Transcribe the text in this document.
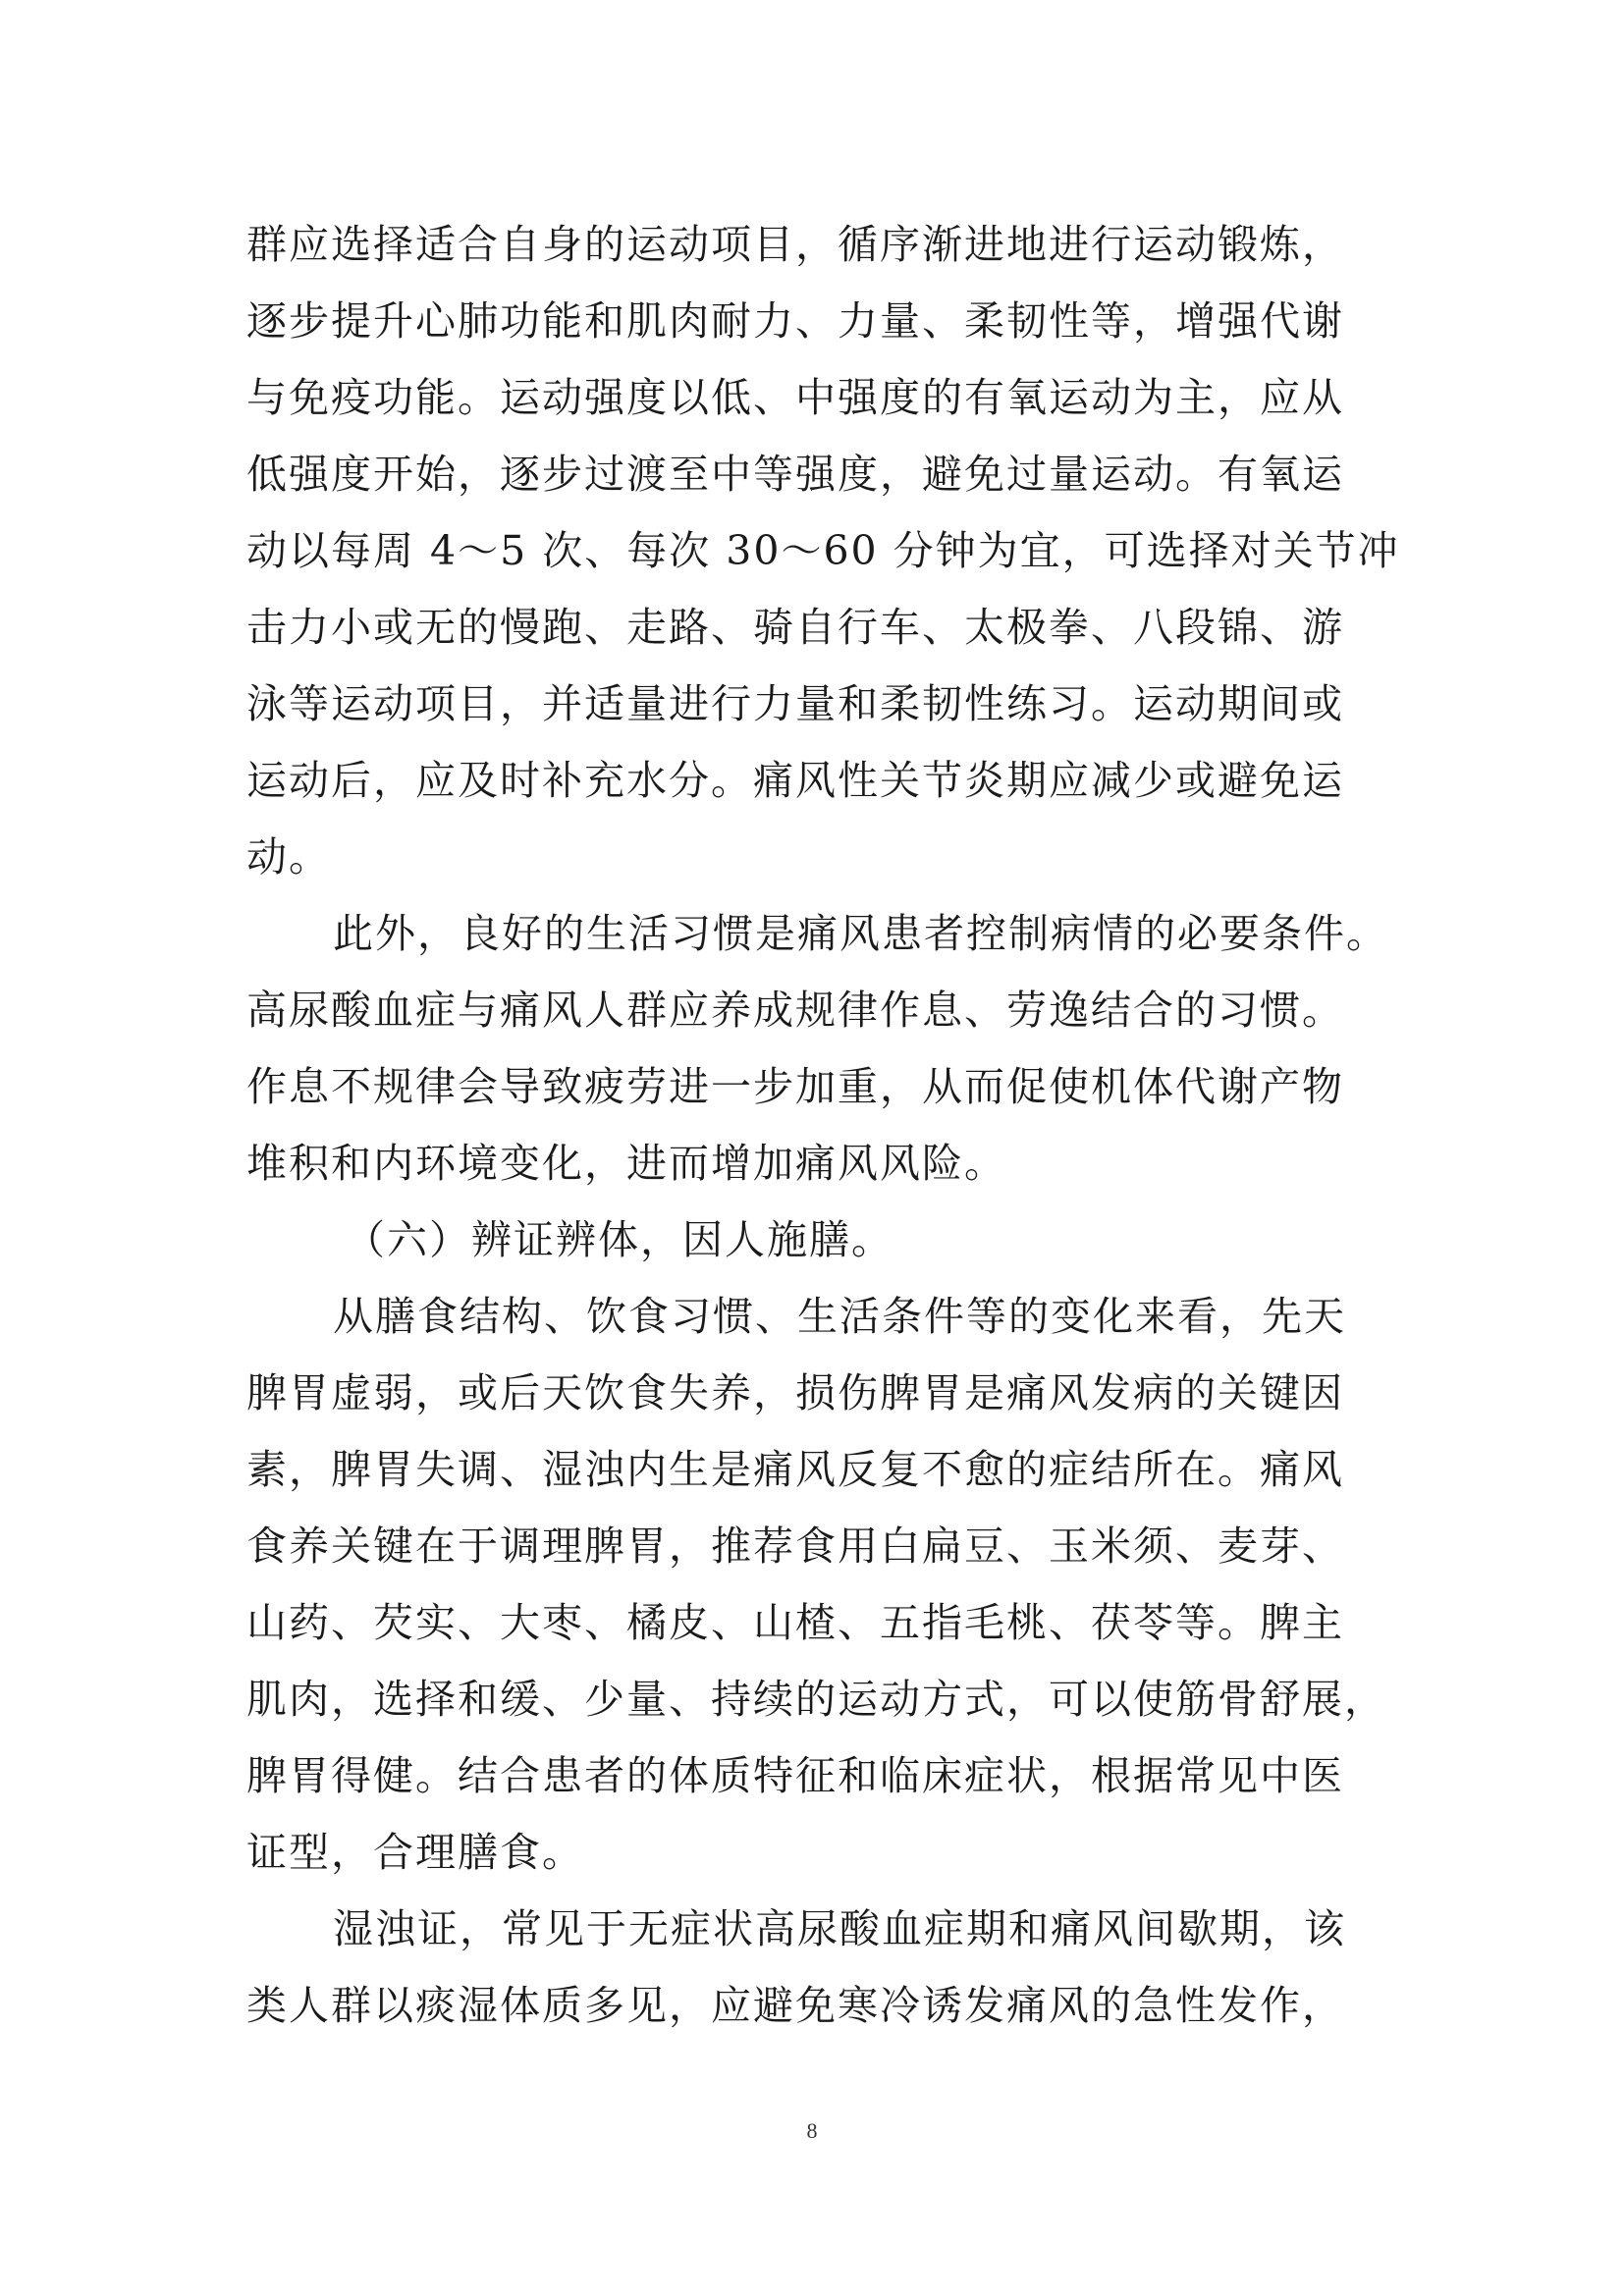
群应选择适合自身的运动项目，循序渐进地进行运动锻炼，
逐步提升心肺功能和肌肉耐力、力量、柔韧性等，增强代谢
与免疫功能。运动强度以低、中强度的有氧运动为主，应从
低强度开始，逐步过渡至中等强度，避免过量运动。有氧运
动以每周 4～5 次、每次 30～60 分钟为宜，可选择对关节冲
击力小或无的慢跑、走路、骑自行车、太极拳、八段锦、游
泳等运动项目，并适量进行力量和柔韧性练习。运动期间或
运动后，应及时补充水分。痛风性关节炎期应减少或避免运
动。
此外，良好的生活习惯是痛风患者控制病情的必要条件。
高尿酸血症与痛风人群应养成规律作息、劳逸结合的习惯。
作息不规律会导致疲劳进一步加重，从而促使机体代谢产物
堆积和内环境变化，进而增加痛风风险。
（六）辨证辨体，因人施膳。
从膳食结构、饮食习惯、生活条件等的变化来看，先天
脾胃虚弱，或后天饮食失养，损伤脾胃是痛风发病的关键因
素，脾胃失调、湿浊内生是痛风反复不愈的症结所在。痛风
食养关键在于调理脾胃，推荐食用白扁豆、玉米须、麦芽、
山药、芡实、大枣、橘皮、山楂、五指毛桃、茯苓等。脾主
肌肉，选择和缓、少量、持续的运动方式，可以使筋骨舒展，
脾胃得健。结合患者的体质特征和临床症状，根据常见中医
证型，合理膳食。
湿浊证，常见于无症状高尿酸血症期和痛风间歇期，该
类人群以痰湿体质多见，应避免寒冷诱发痛风的急性发作，
8
